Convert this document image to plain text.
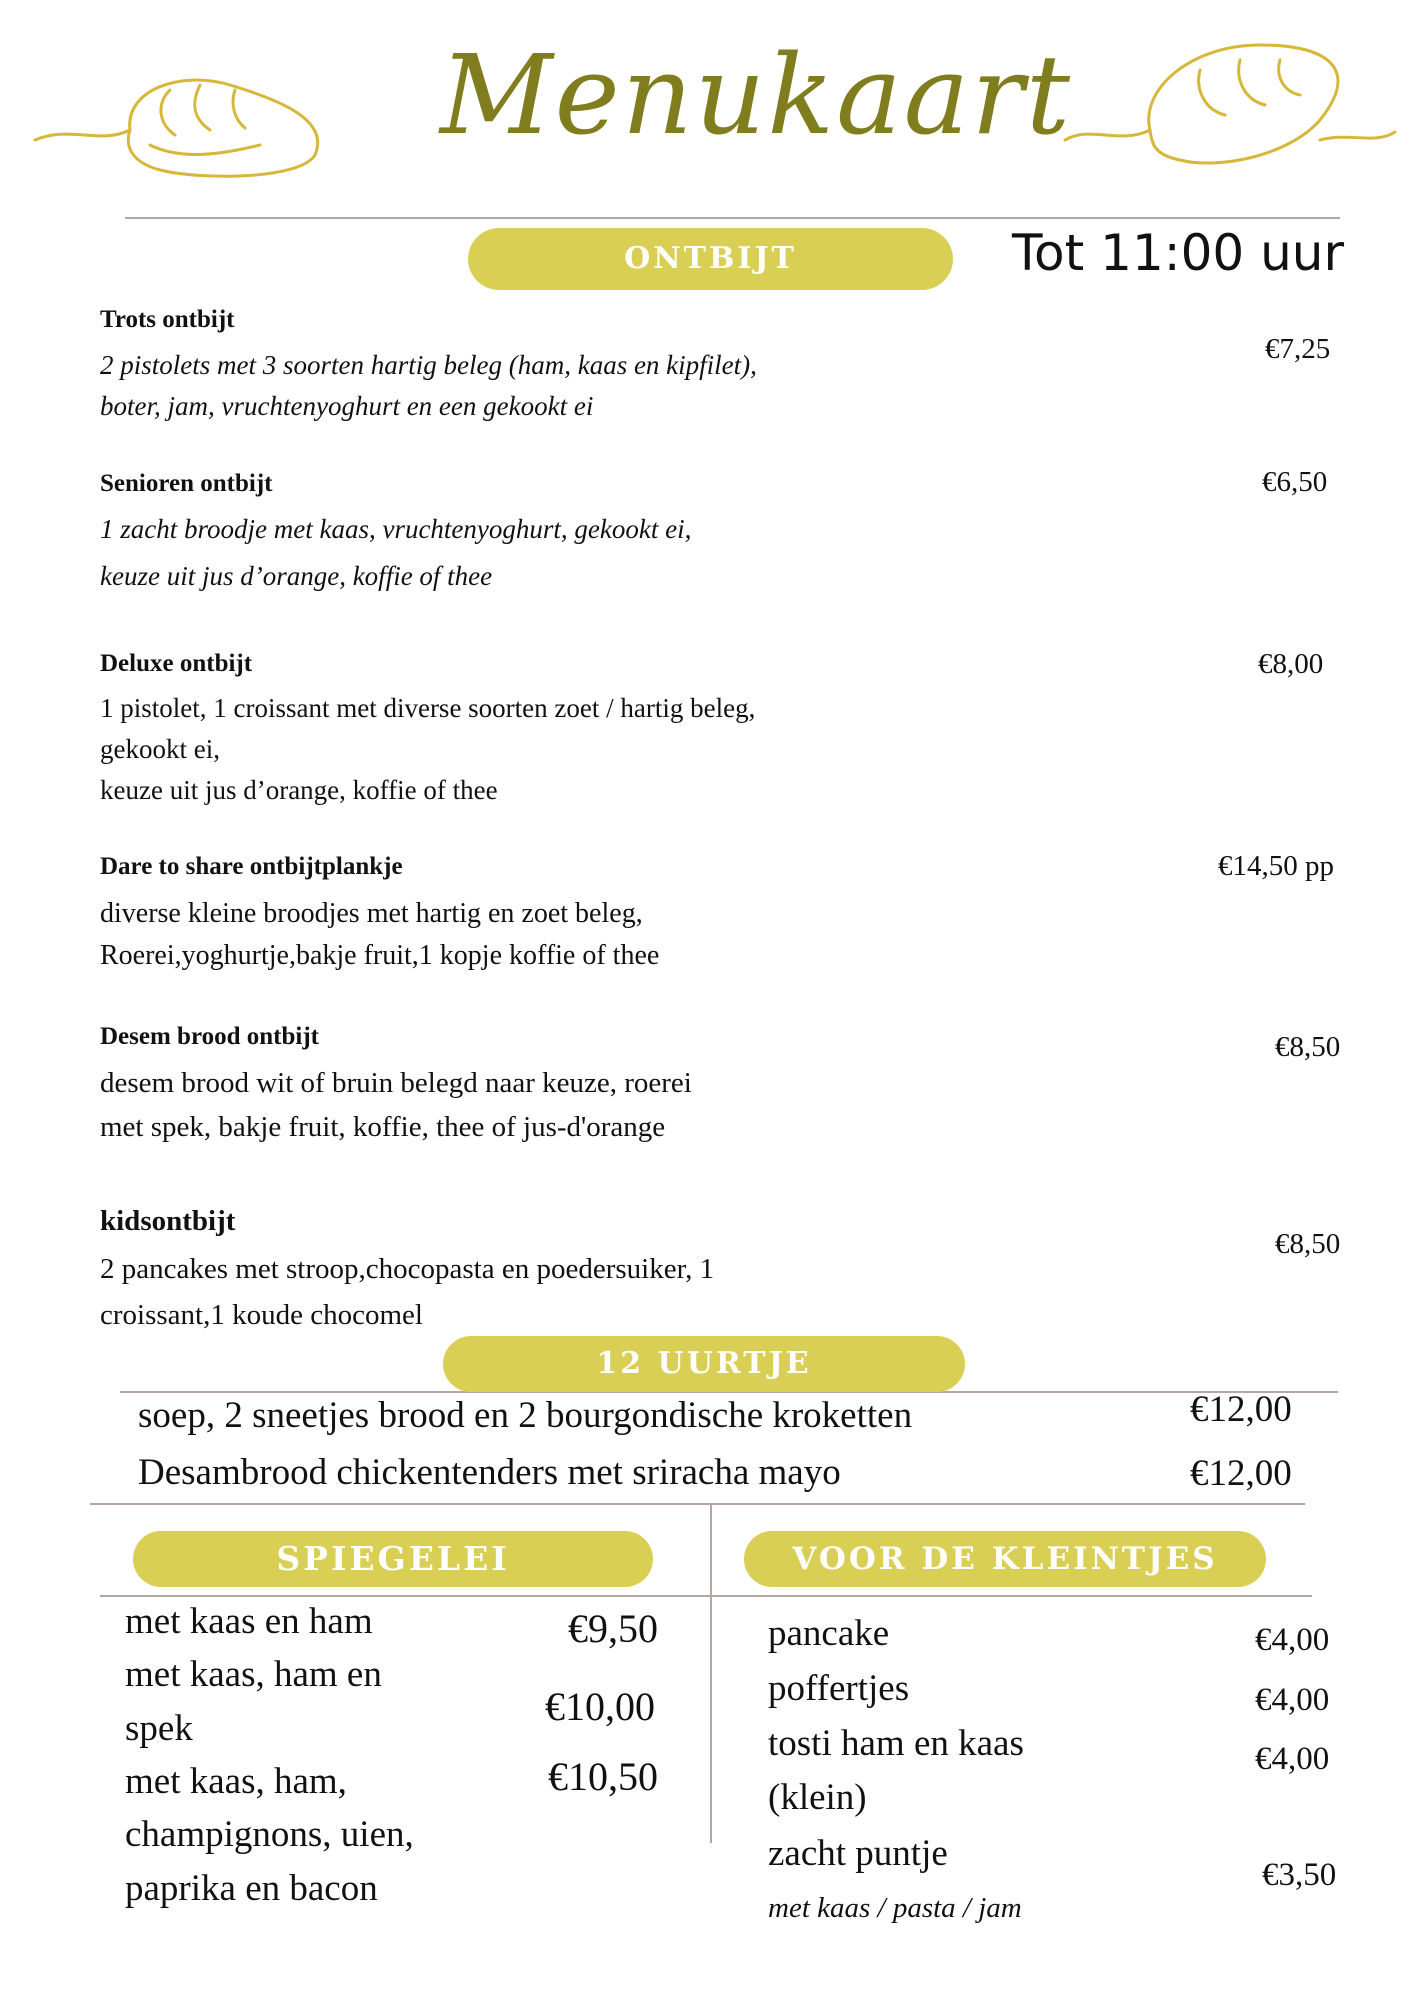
Menukaart
ONTBIJT	Tot 11:00 uur
Trots ontbijt
2 pistolets met 3 soorten hartig beleg (ham, kaas en kipfilet),
boter, jam, vruchtenyoghurt en een gekookt ei
€7,25
Senioren ontbijt
1 zacht broodje met kaas, vruchtenyoghurt, gekookt ei,
keuze uit jus d’orange, koffie of thee
€6,50
Deluxe ontbijt
1 pistolet, 1 croissant met diverse soorten zoet / hartig beleg,
gekookt ei,
keuze uit jus d’orange, koffie of thee
€8,00
Dare to share ontbijtplankje
diverse kleine broodjes met hartig en zoet beleg,
Roerei,yoghurtje,bakje fruit,1 kopje koffie of thee
€14,50 pp
Desem brood ontbijt
desem brood wit of bruin belegd naar keuze, roerei
met spek, bakje fruit, koffie, thee of jus-d'orange
€8,50
kidsontbijt
2 pancakes met stroop,chocopasta en poedersuiker, 1
croissant,1 koude chocomel
€8,50
12 UURTJE
soep, 2 sneetjes brood en 2 bourgondische kroketten	€12,00
Desambrood chickentenders met sriracha mayo	€12,00
SPIEGELEI
met kaas en ham	€9,50
met kaas, ham en
spek	€10,00
met kaas, ham,
champignons, uien,
paprika en bacon
€10,50
VOOR DE KLEINTJES
pancake	€4,00
poffertjes	€4,00
tosti ham en kaas
(klein)
€4,00
zacht puntje
met kaas / pasta / jam
€3,50
